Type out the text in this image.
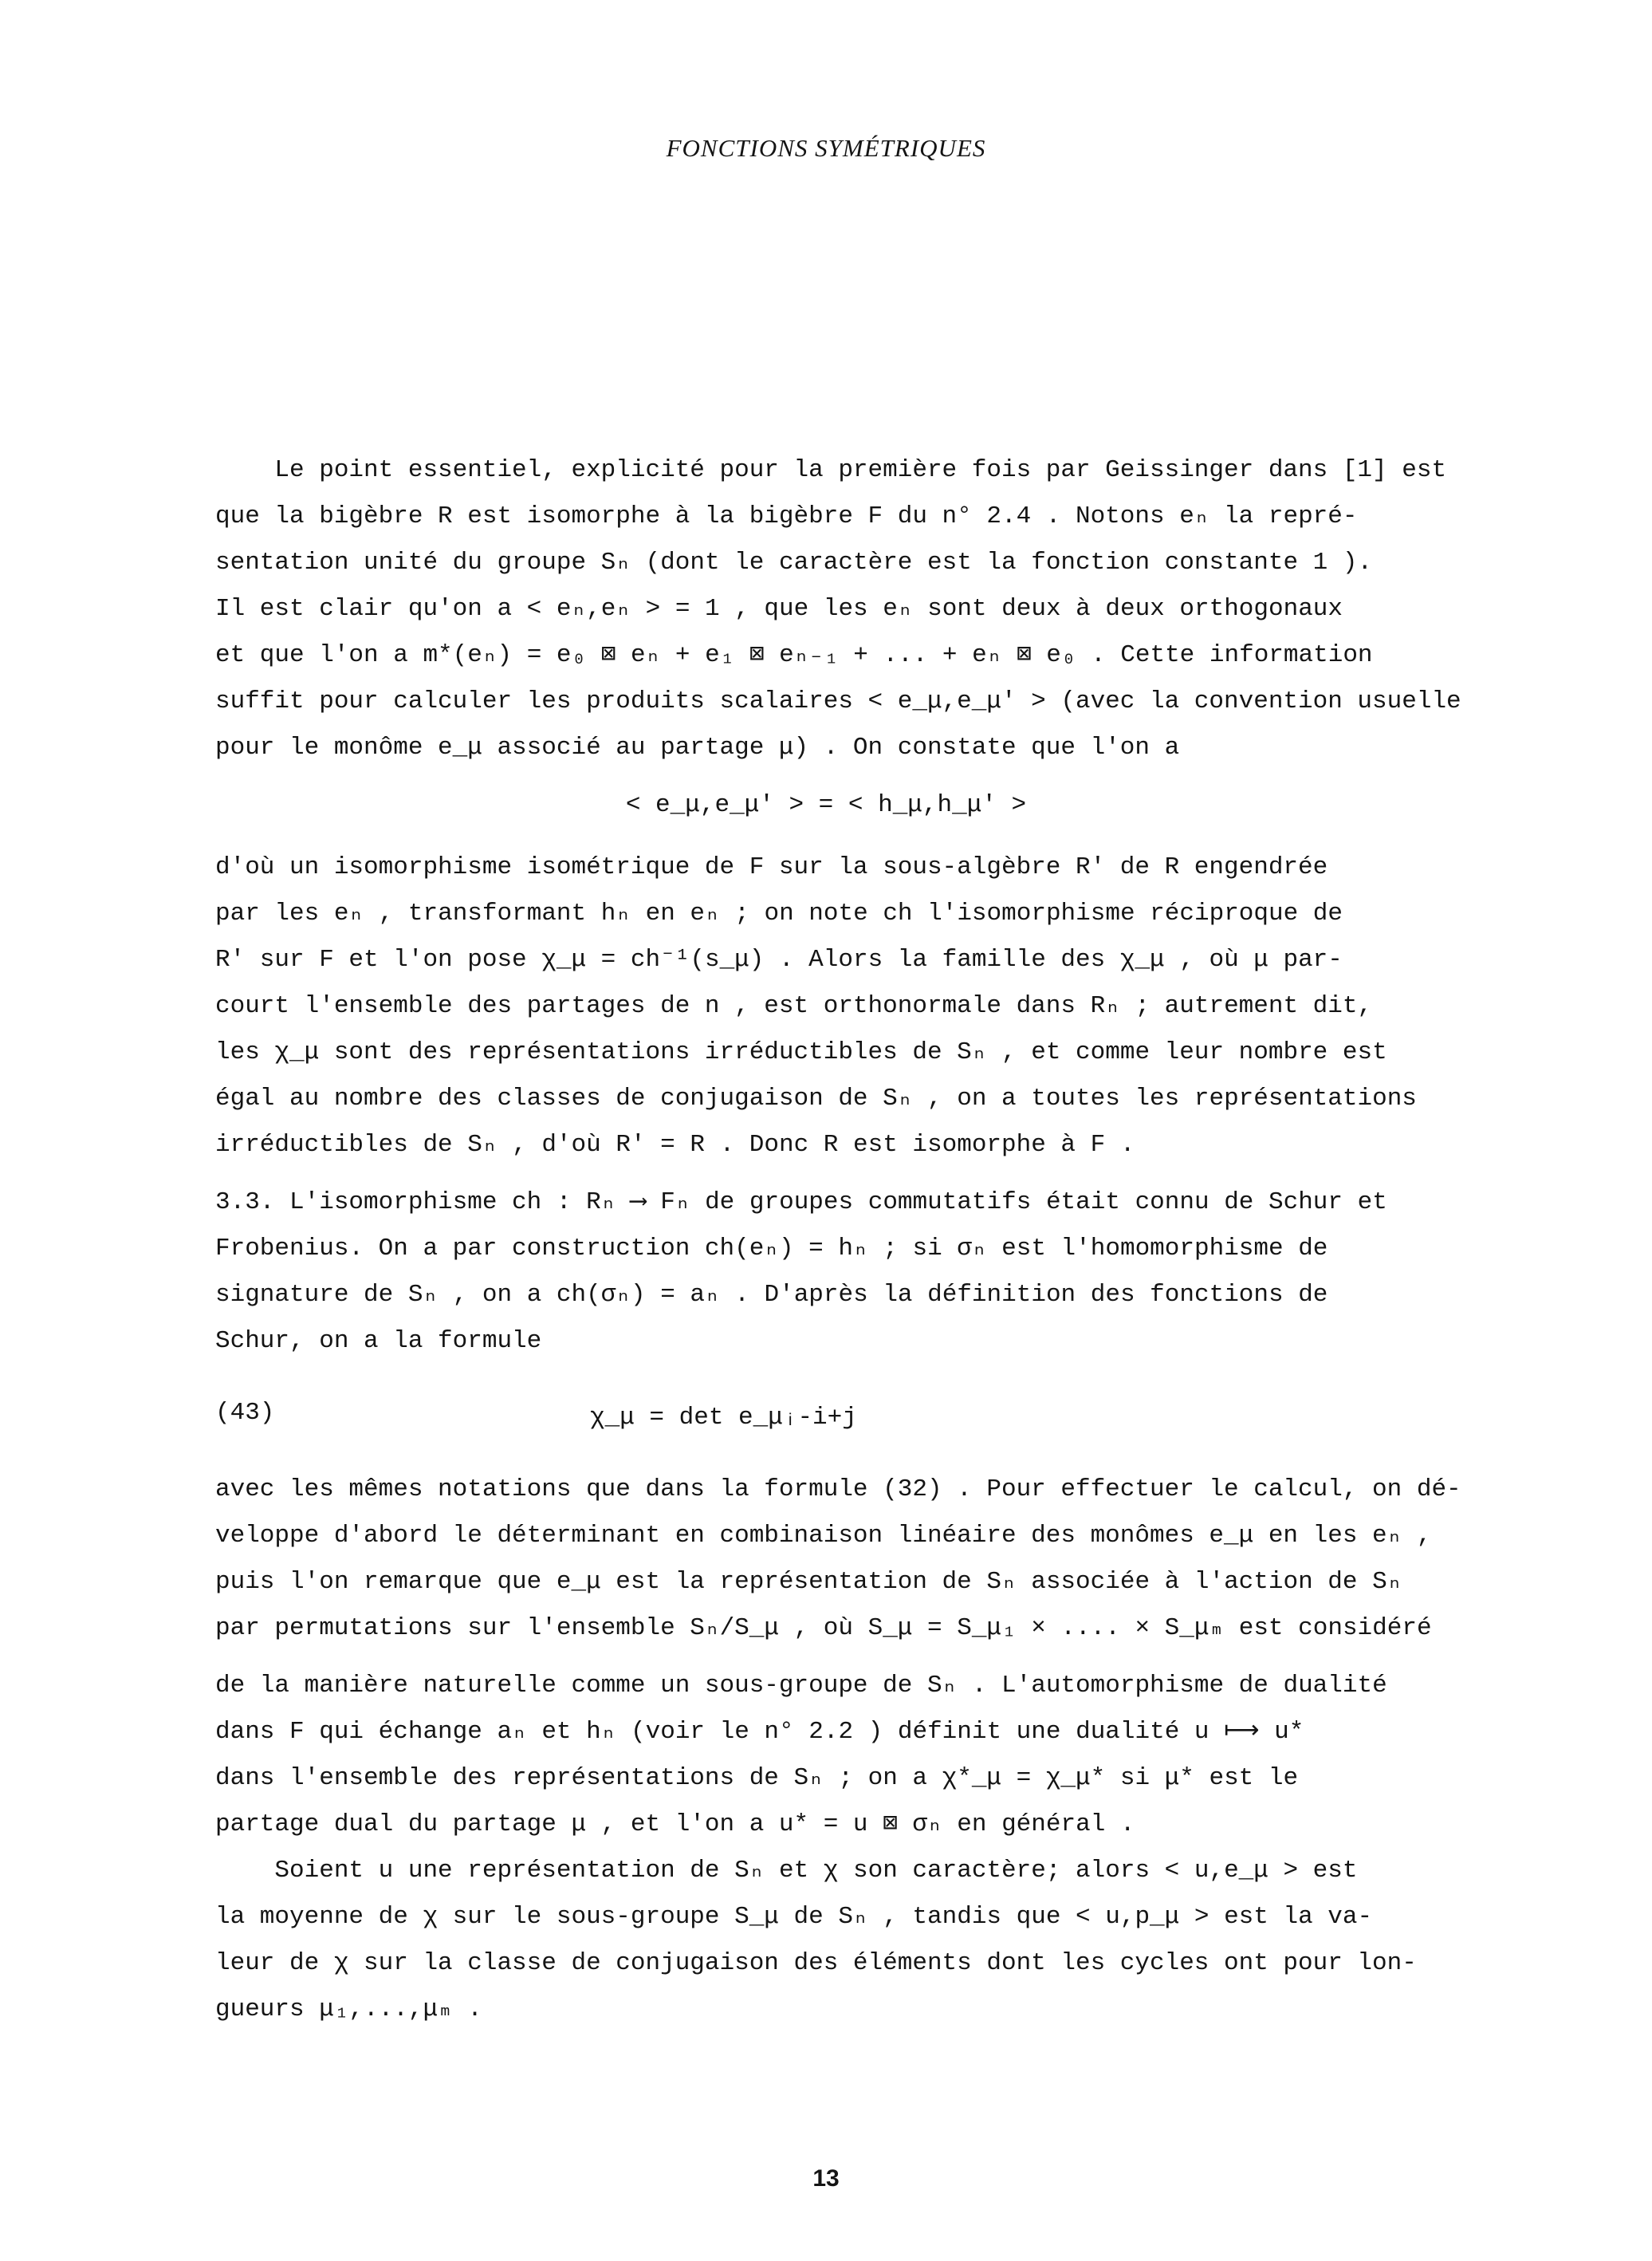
FONCTIONS SYMÉTRIQUES
Le point essentiel, explicité pour la première fois par Geissinger dans [1] est
que la bigèbre R est isomorphe à la bigèbre F du n° 2.4 . Notons eₙ la repré-
sentation unité du groupe Sₙ (dont le caractère est la fonction constante 1 ).
Il est clair qu'on a < eₙ,eₙ > = 1 , que les eₙ sont deux à deux orthogonaux
et que l'on a m*(eₙ) = e₀ ⊠ eₙ + e₁ ⊠ eₙ₋₁ + ... + eₙ ⊠ e₀ . Cette information
suffit pour calculer les produits scalaires < e_μ,e_μ' > (avec la convention usuelle
pour le monôme e_μ associé au partage μ) . On constate que l'on a
< e_μ,e_μ' > = < h_μ,h_μ' >
d'où un isomorphisme isométrique de F sur la sous-algèbre R' de R engendrée
par les eₙ , transformant hₙ en eₙ ; on note ch l'isomorphisme réciproque de
R' sur F et l'on pose χ_μ = ch⁻¹(s_μ) . Alors la famille des χ_μ , où μ par-
court l'ensemble des partages de n , est orthonormale dans Rₙ ; autrement dit,
les χ_μ sont des représentations irréductibles de Sₙ , et comme leur nombre est
égal au nombre des classes de conjugaison de Sₙ , on a toutes les représentations
irréductibles de Sₙ , d'où R' = R . Donc R est isomorphe à F .
3.3. L'isomorphisme ch : Rₙ ⟶ Fₙ de groupes commutatifs était connu de Schur et
Frobenius. On a par construction ch(eₙ) = hₙ ; si σₙ est l'homomorphisme de
signature de Sₙ , on a ch(σₙ) = aₙ . D'après la définition des fonctions de
Schur, on a la formule
(43)	χ_μ = det e_μᵢ-i+j
avec les mêmes notations que dans la formule (32) . Pour effectuer le calcul, on dé-
veloppe d'abord le déterminant en combinaison linéaire des monômes e_μ en les eₙ ,
puis l'on remarque que e_μ est la représentation de Sₙ associée à l'action de Sₙ
par permutations sur l'ensemble Sₙ/S_μ , où S_μ = S_μ₁ × .... × S_μₘ est considéré
de la manière naturelle comme un sous-groupe de Sₙ . L'automorphisme de dualité
dans F qui échange aₙ et hₙ (voir le n° 2.2 ) définit une dualité u ⟼ u*
dans l'ensemble des représentations de Sₙ ; on a χ*_μ = χ_μ* si μ* est le
partage dual du partage μ , et l'on a u* = u ⊠ σₙ en général .
Soient u une représentation de Sₙ et χ son caractère; alors < u,e_μ > est
la moyenne de χ sur le sous-groupe S_μ de Sₙ , tandis que < u,p_μ > est la va-
leur de χ sur la classe de conjugaison des éléments dont les cycles ont pour lon-
gueurs μ₁,...,μₘ .
13
